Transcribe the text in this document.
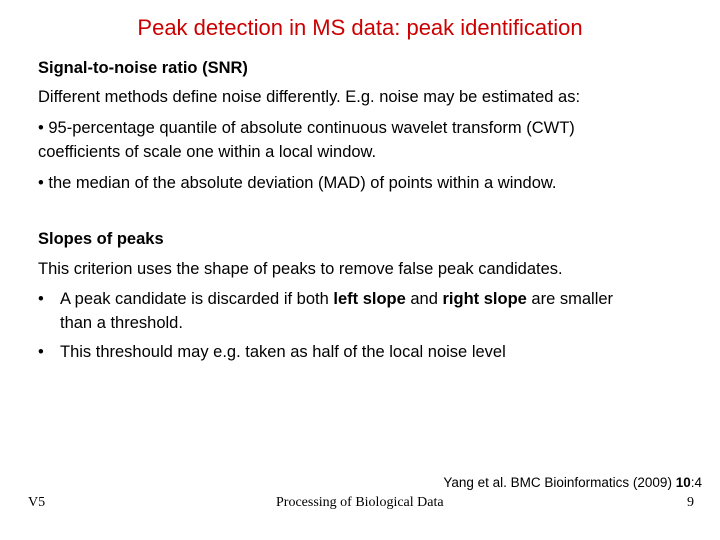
Peak detection in MS data: peak identification
Signal-to-noise ratio (SNR)
Different methods define noise differently. E.g. noise may be estimated as:
• 95-percentage quantile of absolute continuous wavelet transform (CWT)
coefficients of scale one within a local window.
• the median of the absolute deviation (MAD) of points within a window.
Slopes of peaks
This criterion uses the shape of peaks to remove false peak candidates.
• A peak candidate is discarded if both left slope and right slope are smaller
than a threshold.
• This threshould may e.g. taken as half of the local noise level
Yang et al. BMC Bioinformatics (2009) 10:4
V5	Processing of Biological Data	9
